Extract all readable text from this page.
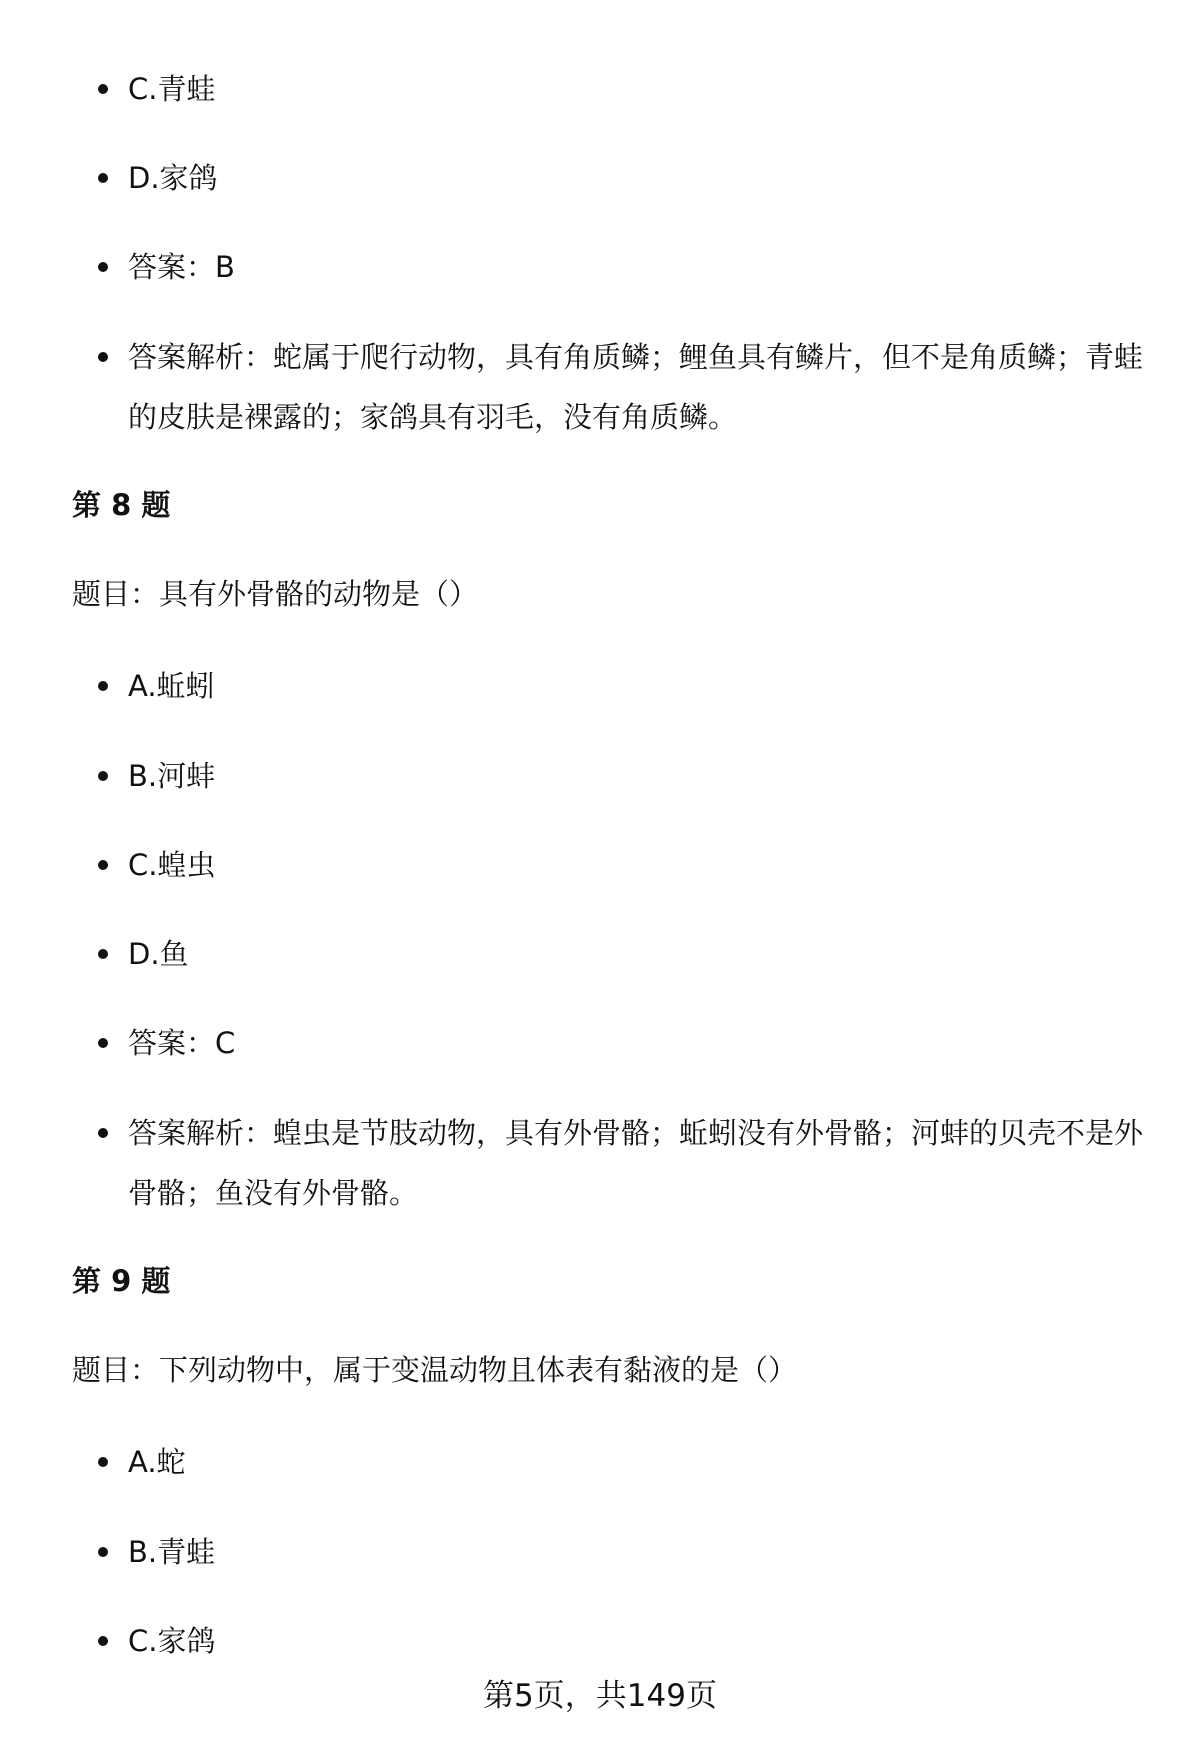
C.青蛙
D.家鸽
答案：B
答案解析：蛇属于爬行动物，具有角质鳞；鲤鱼具有鳞片，但不是角质鳞；青蛙的皮肤是裸露的；家鸽具有羽毛，没有角质鳞。
第 8 题
题目：具有外骨骼的动物是（）
A.蚯蚓
B.河蚌
C.蝗虫
D.鱼
答案：C
答案解析：蝗虫是节肢动物，具有外骨骼；蚯蚓没有外骨骼；河蚌的贝壳不是外骨骼；鱼没有外骨骼。
第 9 题
题目：下列动物中，属于变温动物且体表有黏液的是（）
A.蛇
B.青蛙
C.家鸽
第5页，共149页
